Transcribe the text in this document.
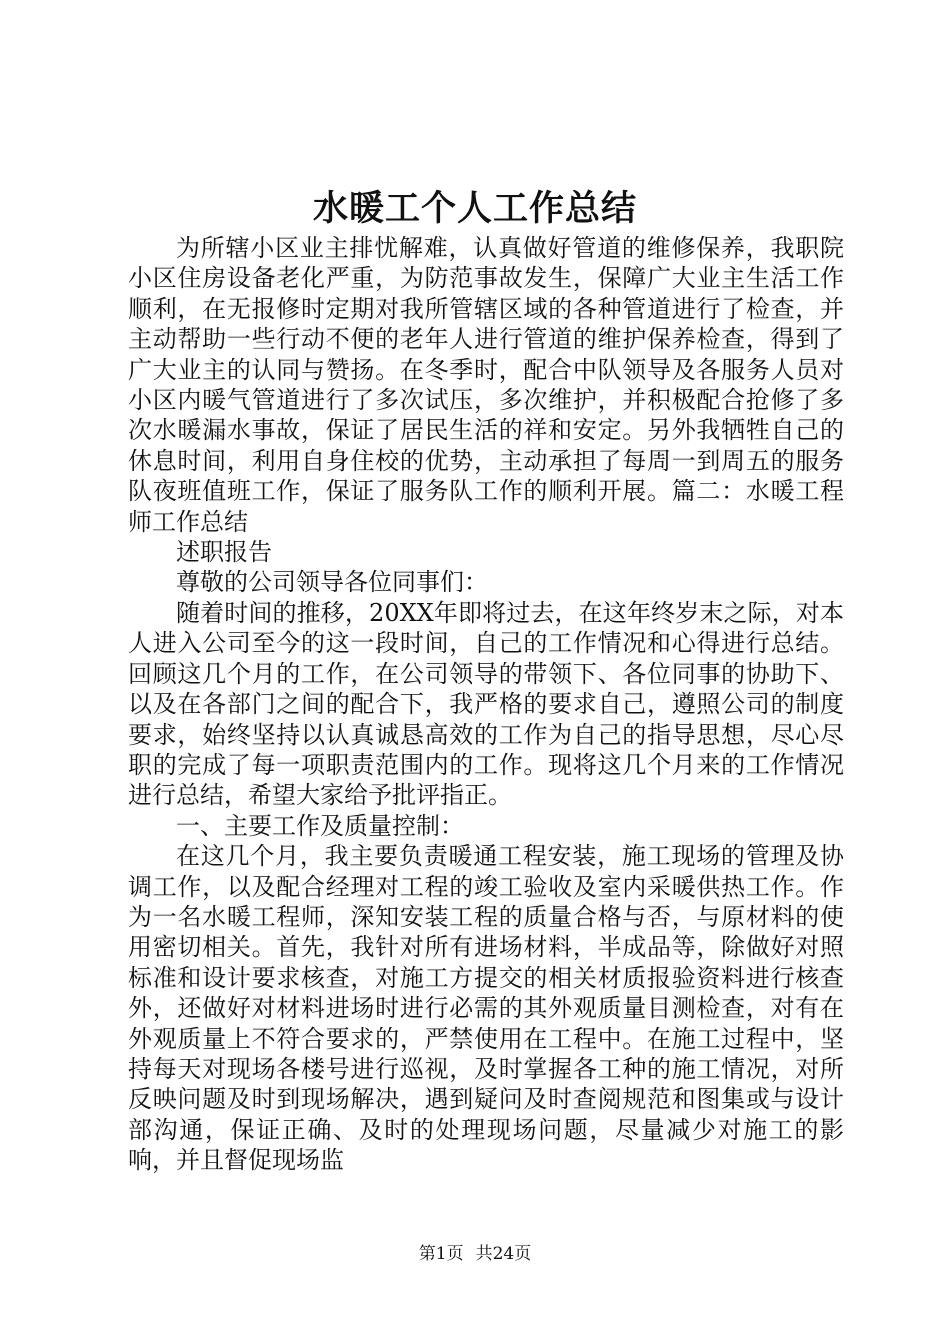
水暖工个人工作总结

为所辖小区业主排忧解难，认真做好管道的维修保养，我职院小区住房设备老化严重，为防范事故发生，保障广大业主生活工作顺利，在无报修时定期对我所管辖区域的各种管道进行了检查，并主动帮助一些行动不便的老年人进行管道的维护保养检查，得到了广大业主的认同与赞扬。在冬季时，配合中队领导及各服务人员对小区内暖气管道进行了多次试压，多次维护，并积极配合抢修了多次水暖漏水事故，保证了居民生活的祥和安定。另外我牺牲自己的休息时间，利用自身住校的优势，主动承担了每周一到周五的服务队夜班值班工作，保证了服务队工作的顺利开展。篇二：水暖工程师工作总结

述职报告

尊敬的公司领导各位同事们：

随着时间的推移，20XX年即将过去，在这年终岁末之际，对本人进入公司至今的这一段时间，自己的工作情况和心得进行总结。回顾这几个月的工作，在公司领导的带领下、各位同事的协助下、以及在各部门之间的配合下，我严格的要求自己，遵照公司的制度要求，始终坚持以认真诚恳高效的工作为自己的指导思想，尽心尽职的完成了每一项职责范围内的工作。现将这几个月来的工作情况进行总结，希望大家给予批评指正。

一、主要工作及质量控制：

在这几个月，我主要负责暖通工程安装，施工现场的管理及协调工作，以及配合经理对工程的竣工验收及室内采暖供热工作。作为一名水暖工程师，深知安装工程的质量合格与否，与原材料的使用密切相关。首先，我针对所有进场材料，半成品等，除做好对照标准和设计要求核查，对施工方提交的相关材质报验资料进行核查外，还做好对材料进场时进行必需的其外观质量目测检查，对有在外观质量上不符合要求的，严禁使用在工程中。在施工过程中，坚持每天对现场各楼号进行巡视，及时掌握各工种的施工情况，对所反映问题及时到现场解决，遇到疑问及时查阅规范和图集或与设计部沟通，保证正确、及时的处理现场问题，尽量减少对施工的影响，并且督促现场监

第1页 共24页
